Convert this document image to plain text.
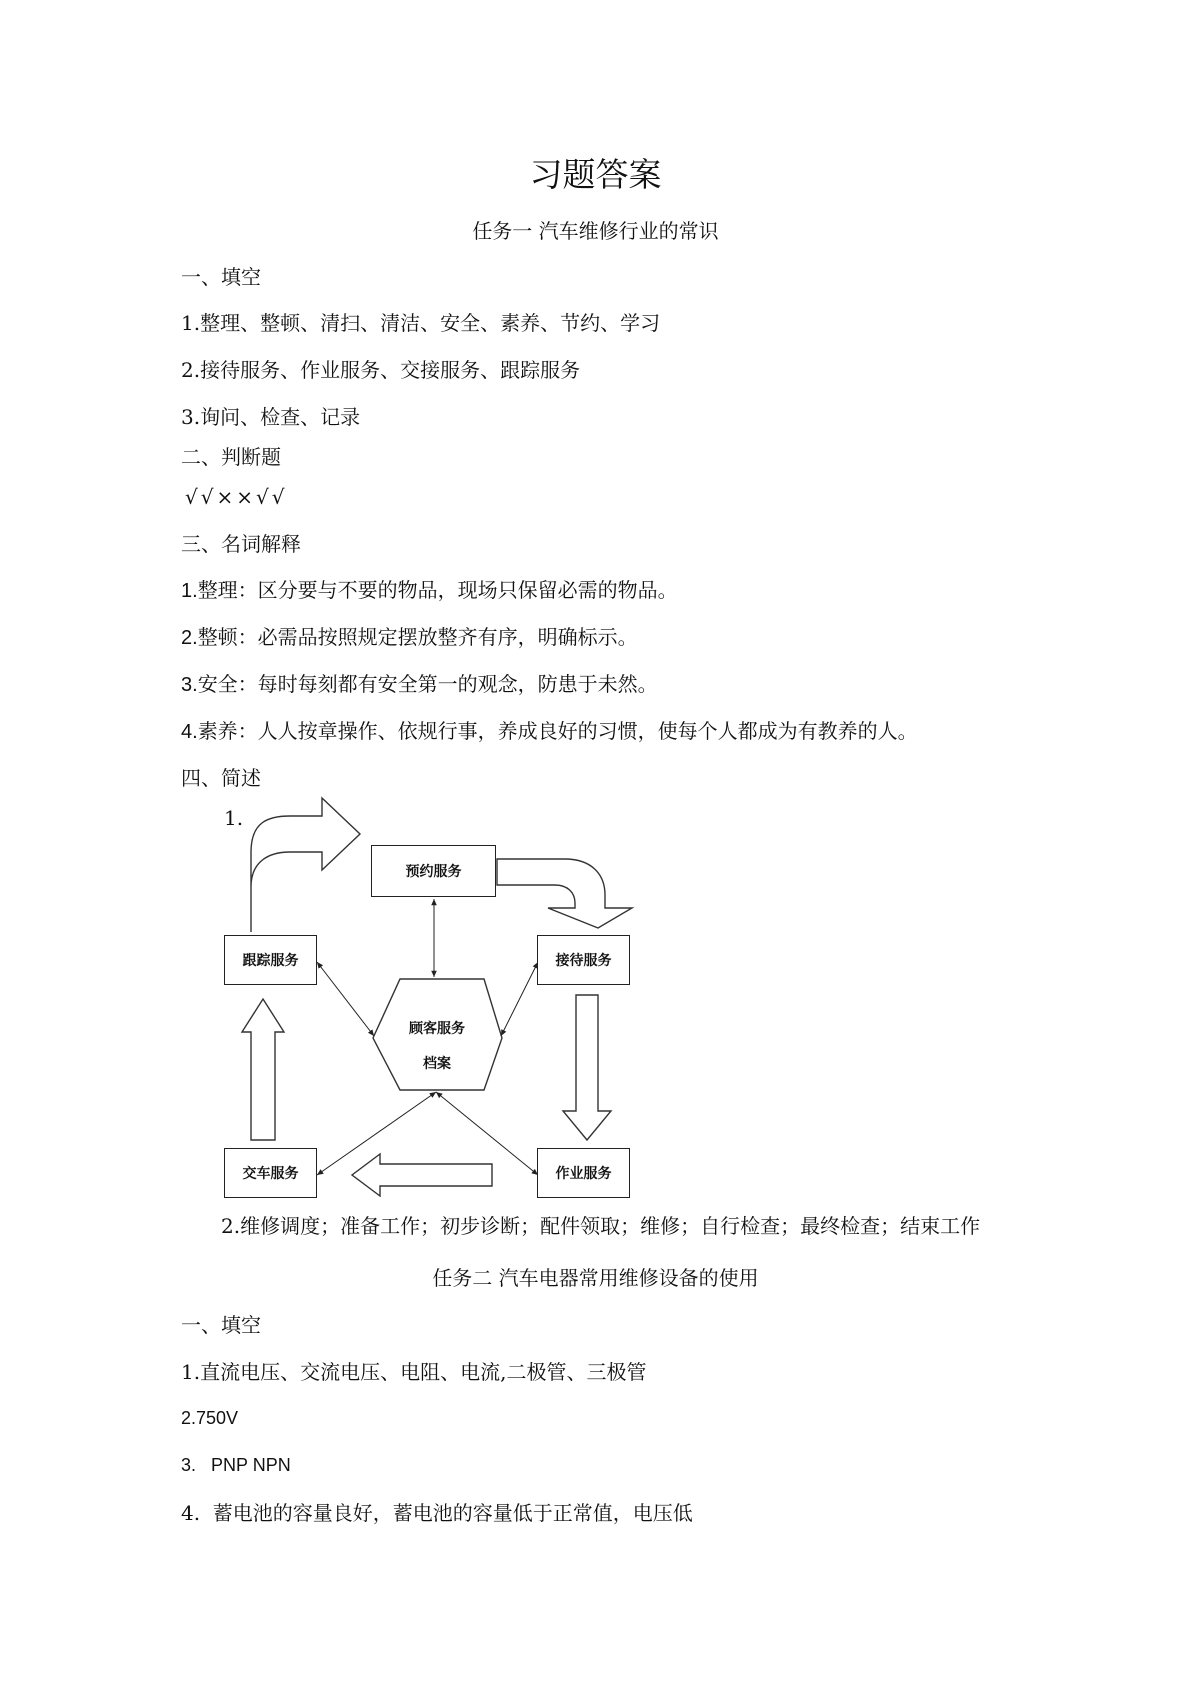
习题答案
任务一 汽车维修行业的常识
一、填空
1.整理、整顿、清扫、清洁、安全、素养、节约、学习
2.接待服务、作业服务、交接服务、跟踪服务
3.询问、检查、记录
二、判断题
√√××√√
三、名词解释
1.整理：区分要与不要的物品，现场只保留必需的物品。
2.整顿：必需品按照规定摆放整齐有序，明确标示。
3.安全：每时每刻都有安全第一的观念，防患于未然。
4.素养：人人按章操作、依规行事，养成良好的习惯，使每个人都成为有教养的人。
四、简述
1.
预约服务
接待服务
跟踪服务
交车服务	作业服务
顾客服务
档案
2.维修调度；准备工作；初步诊断；配件领取；维修；自行检查；最终检查；结束工作
任务二 汽车电器常用维修设备的使用
一、填空
1.直流电压、交流电压、电阻、电流,二极管、三极管
2.750V
3.   PNP NPN
4.  蓄电池的容量良好，蓄电池的容量低于正常值，电压低
